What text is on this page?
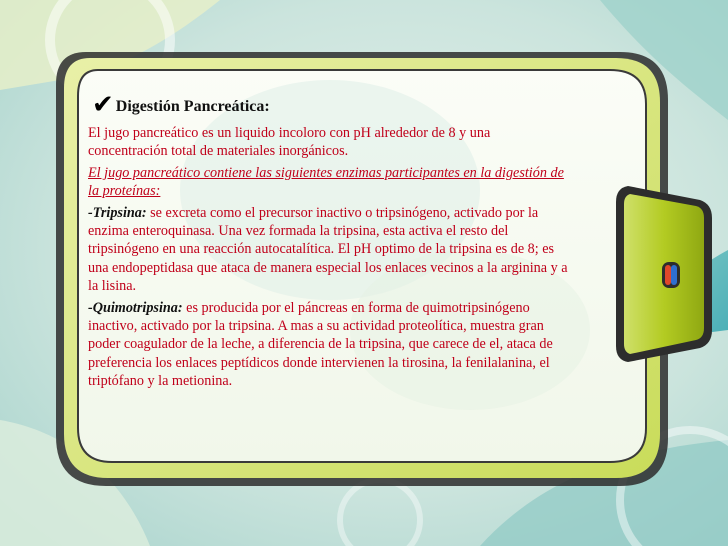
✔ Digestión Pancreática:

El jugo pancreático es un liquido incoloro con pH alrededor de 8 y una concentración total de materiales inorgánicos.

El jugo pancreático contiene las siguientes enzimas participantes en la digestión de la proteínas:

-Tripsina: se excreta como el precursor inactivo o tripsinógeno, activado por la enzima enteroquinasa. Una vez formada la tripsina, esta activa el resto del tripsinógeno en una reacción autocatalítica. El pH optimo de la tripsina es de 8; es una endopeptidasa que ataca de manera especial los enlaces vecinos a la arginina y a la lisina.

-Quimotripsina: es producida por el páncreas en forma de quimotripsinógeno inactivo, activado por la tripsina. A mas a su actividad proteolítica, muestra gran poder coagulador de la leche, a diferencia de la tripsina, que carece de el, ataca de preferencia los enlaces peptídicos donde intervienen la tirosina, la fenilalanina, el triptófano y la metionina.
